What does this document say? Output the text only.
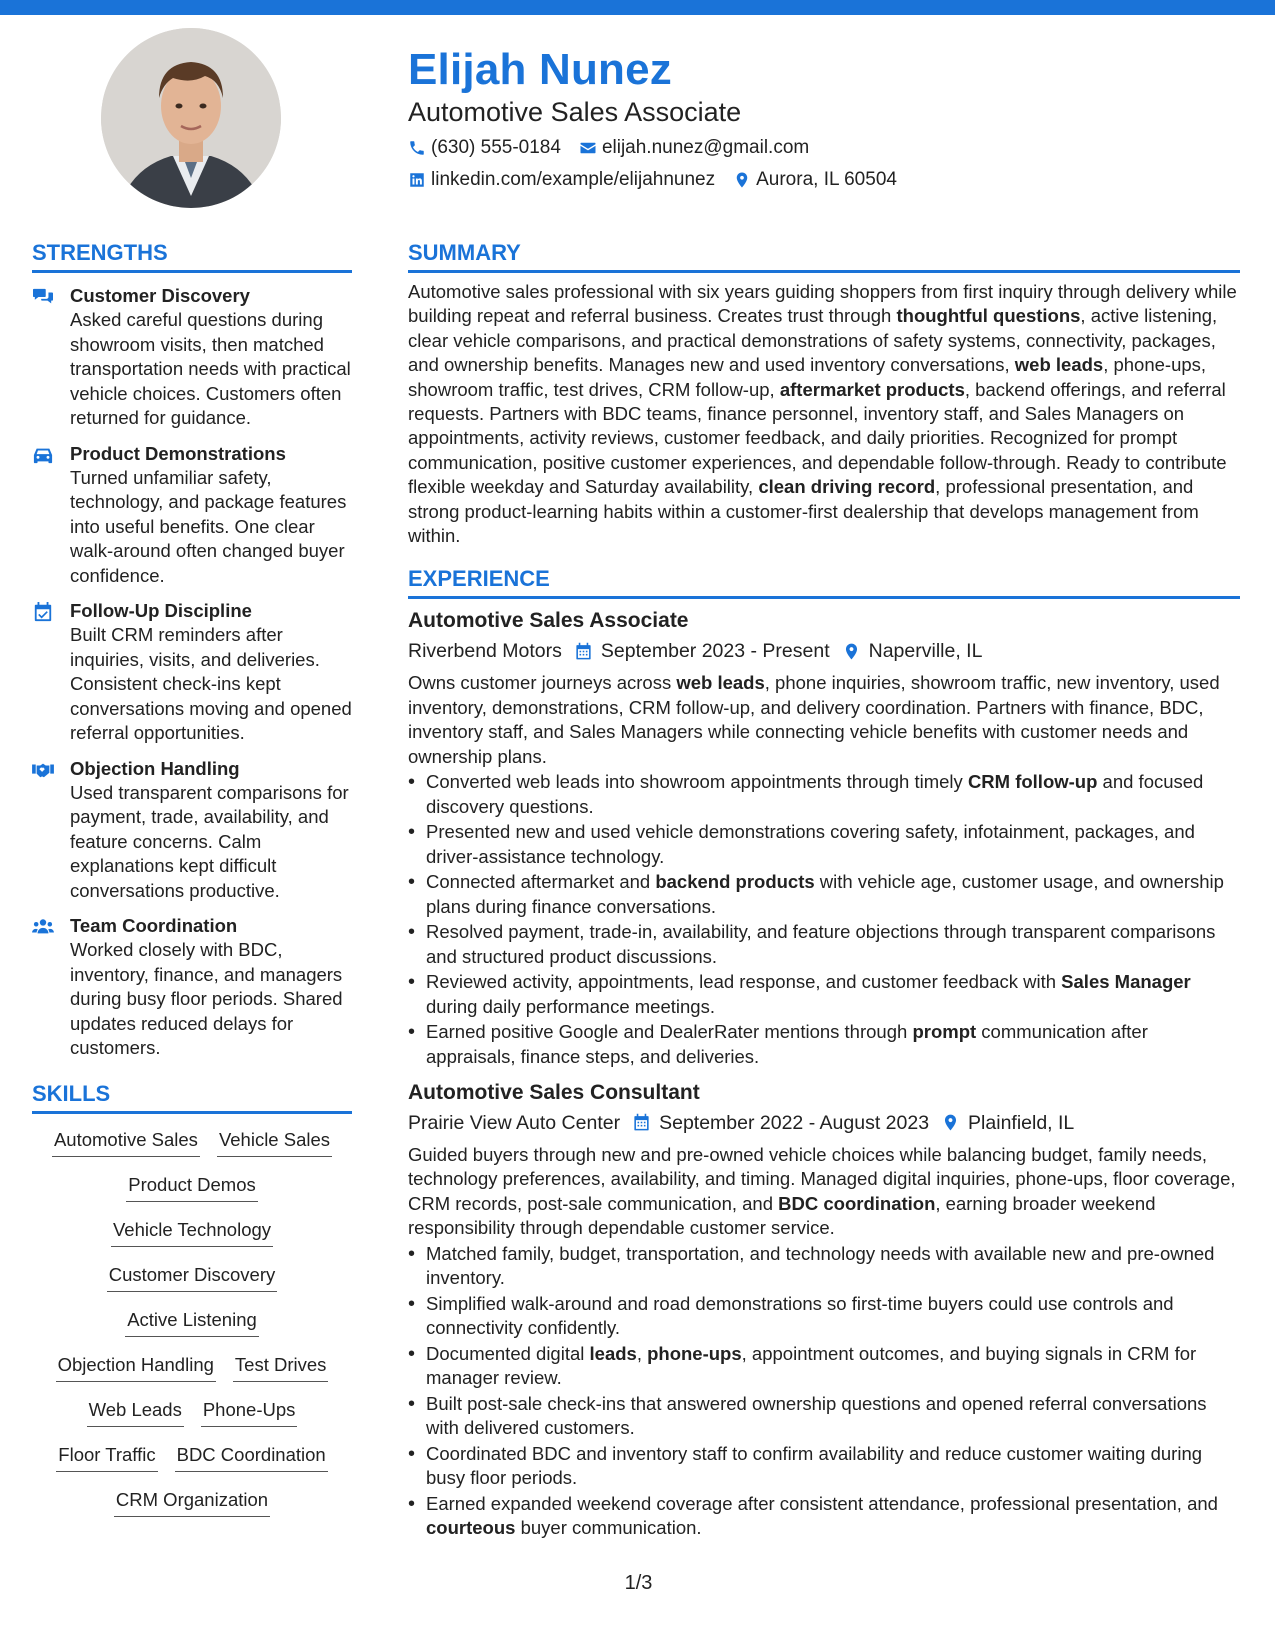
Elijah Nunez
Automotive Sales Associate
(630) 555-0184 elijah.nunez@gmail.com
linkedin.com/example/elijahnunez Aurora, IL 60504
STRENGTHS
Customer Discovery
Asked careful questions during showroom visits, then matched transportation needs with practical vehicle choices. Customers often returned for guidance.
Product Demonstrations
Turned unfamiliar safety, technology, and package features into useful benefits. One clear walk-around often changed buyer confidence.
Follow-Up Discipline
Built CRM reminders after inquiries, visits, and deliveries. Consistent check-ins kept conversations moving and opened referral opportunities.
Objection Handling
Used transparent comparisons for payment, trade, availability, and feature concerns. Calm explanations kept difficult conversations productive.
Team Coordination
Worked closely with BDC, inventory, finance, and managers during busy floor periods. Shared updates reduced delays for customers.
SKILLS
Automotive Sales Vehicle Sales
Product Demos
Vehicle Technology
Customer Discovery
Active Listening
Objection Handling Test Drives
Web Leads Phone-Ups
Floor Traffic BDC Coordination
CRM Organization
SUMMARY
Automotive sales professional with six years guiding shoppers from first inquiry through delivery while building repeat and referral business. Creates trust through thoughtful questions, active listening, clear vehicle comparisons, and practical demonstrations of safety systems, connectivity, packages, and ownership benefits. Manages new and used inventory conversations, web leads, phone-ups, showroom traffic, test drives, CRM follow-up, aftermarket products, backend offerings, and referral requests. Partners with BDC teams, finance personnel, inventory staff, and Sales Managers on appointments, activity reviews, customer feedback, and daily priorities. Recognized for prompt communication, positive customer experiences, and dependable follow-through. Ready to contribute flexible weekday and Saturday availability, clean driving record, professional presentation, and strong product-learning habits within a customer-first dealership that develops management from within.
EXPERIENCE
Automotive Sales Associate
Riverbend Motors September 2023 - Present Naperville, IL
Owns customer journeys across web leads, phone inquiries, showroom traffic, new inventory, used inventory, demonstrations, CRM follow-up, and delivery coordination. Partners with finance, BDC, inventory staff, and Sales Managers while connecting vehicle benefits with customer needs and ownership plans.
• Converted web leads into showroom appointments through timely CRM follow-up and focused discovery questions.
• Presented new and used vehicle demonstrations covering safety, infotainment, packages, and driver-assistance technology.
• Connected aftermarket and backend products with vehicle age, customer usage, and ownership plans during finance conversations.
• Resolved payment, trade-in, availability, and feature objections through transparent comparisons and structured product discussions.
• Reviewed activity, appointments, lead response, and customer feedback with Sales Manager during daily performance meetings.
• Earned positive Google and DealerRater mentions through prompt communication after appraisals, finance steps, and deliveries.
Automotive Sales Consultant
Prairie View Auto Center September 2022 - August 2023 Plainfield, IL
Guided buyers through new and pre-owned vehicle choices while balancing budget, family needs, technology preferences, availability, and timing. Managed digital inquiries, phone-ups, floor coverage, CRM records, post-sale communication, and BDC coordination, earning broader weekend responsibility through dependable customer service.
• Matched family, budget, transportation, and technology needs with available new and pre-owned inventory.
• Simplified walk-around and road demonstrations so first-time buyers could use controls and connectivity confidently.
• Documented digital leads, phone-ups, appointment outcomes, and buying signals in CRM for manager review.
• Built post-sale check-ins that answered ownership questions and opened referral conversations with delivered customers.
• Coordinated BDC and inventory staff to confirm availability and reduce customer waiting during busy floor periods.
• Earned expanded weekend coverage after consistent attendance, professional presentation, and courteous buyer communication.
1/3
